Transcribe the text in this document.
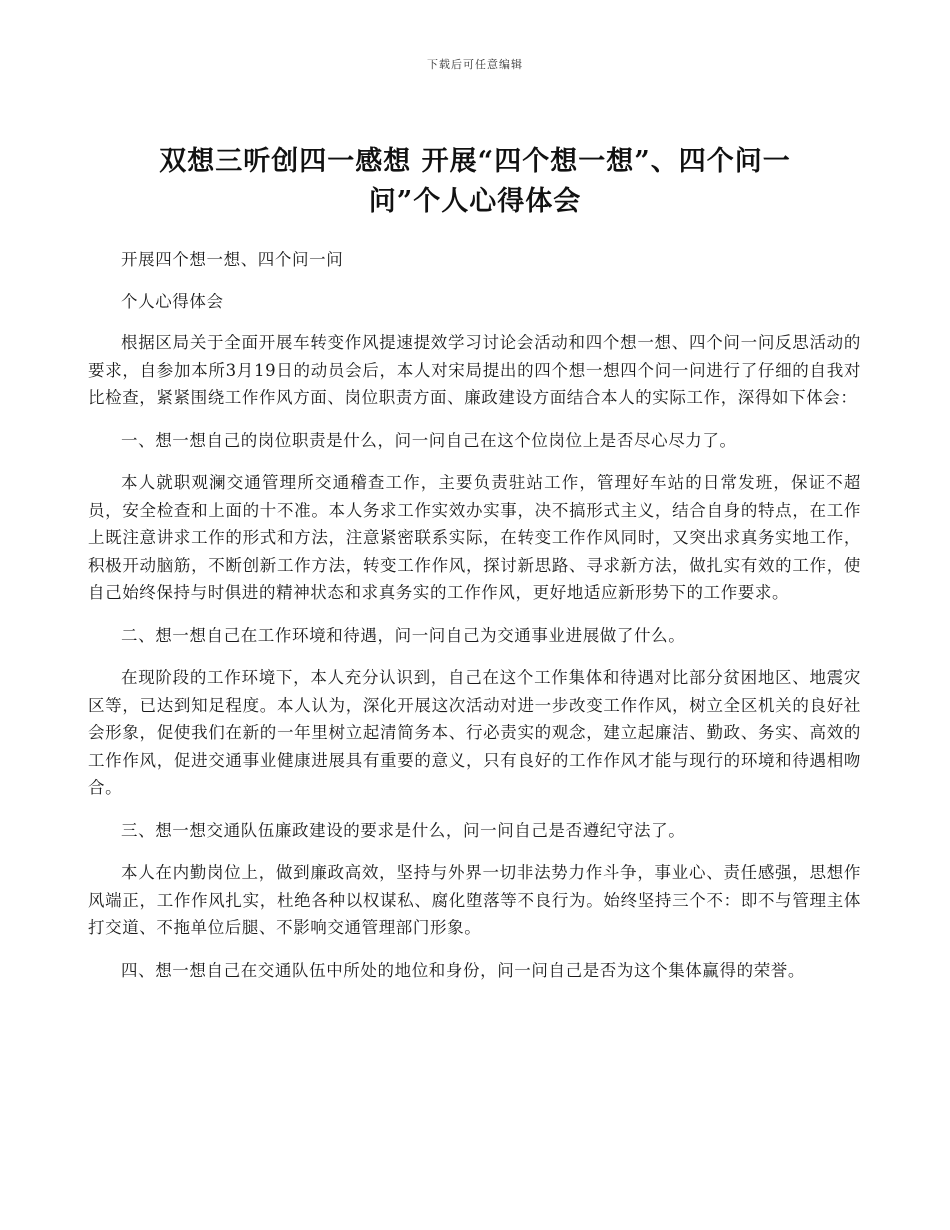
下载后可任意编辑
双想三听创四一感想 开展“四个想一想”、四个问一
问”个人心得体会

开展四个想一想、四个问一问

个人心得体会

根据区局关于全面开展车转变作风提速提效学习讨论会活动和四个想一想、四个问一问反思活动的要求，自参加本所3月19日的动员会后，本人对宋局提出的四个想一想四个问一问进行了仔细的自我对比检查，紧紧围绕工作作风方面、岗位职责方面、廉政建设方面结合本人的实际工作，深得如下体会：

一、想一想自己的岗位职责是什么，问一问自己在这个位岗位上是否尽心尽力了。

本人就职观澜交通管理所交通稽查工作，主要负责驻站工作，管理好车站的日常发班，保证不超员，安全检查和上面的十不准。本人务求工作实效办实事，决不搞形式主义，结合自身的特点，在工作上既注意讲求工作的形式和方法，注意紧密联系实际，在转变工作作风同时，又突出求真务实地工作，积极开动脑筋，不断创新工作方法，转变工作作风，探讨新思路、寻求新方法，做扎实有效的工作，使自己始终保持与时俱进的精神状态和求真务实的工作作风，更好地适应新形势下的工作要求。

二、想一想自己在工作环境和待遇，问一问自己为交通事业进展做了什么。

在现阶段的工作环境下，本人充分认识到，自己在这个工作集体和待遇对比部分贫困地区、地震灾区等，已达到知足程度。本人认为，深化开展这次活动对进一步改变工作作风，树立全区机关的良好社会形象，促使我们在新的一年里树立起清简务本、行必责实的观念，建立起廉洁、勤政、务实、高效的工作作风，促进交通事业健康进展具有重要的意义，只有良好的工作作风才能与现行的环境和待遇相吻合。

三、想一想交通队伍廉政建设的要求是什么，问一问自己是否遵纪守法了。

本人在内勤岗位上，做到廉政高效，坚持与外界一切非法势力作斗争，事业心、责任感强，思想作风端正，工作作风扎实，杜绝各种以权谋私、腐化堕落等不良行为。始终坚持三个不：即不与管理主体打交道、不拖单位后腿、不影响交通管理部门形象。

四、想一想自己在交通队伍中所处的地位和身份，问一问自己是否为这个集体赢得的荣誉。
